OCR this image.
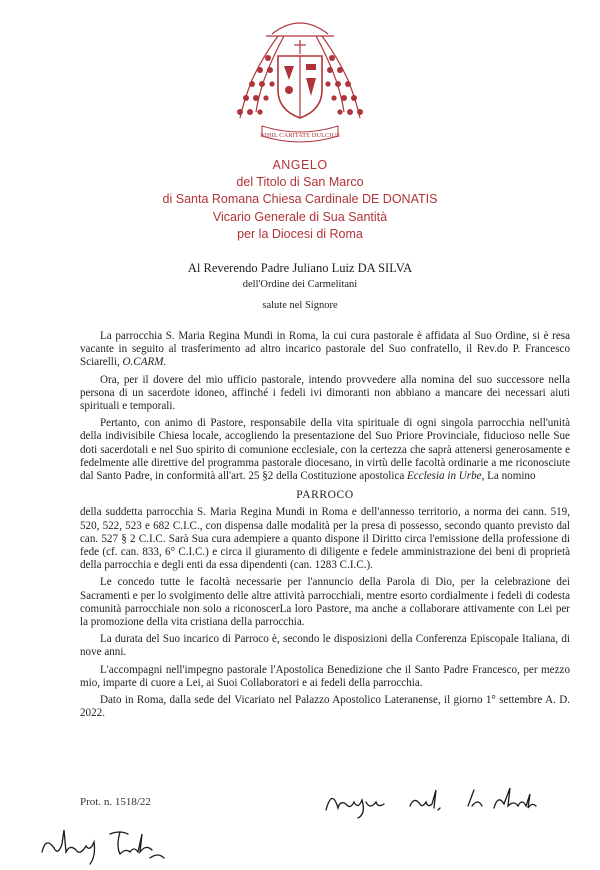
NIHIL CARITATE DULCIUS
ANGELO
del Titolo di San Marco
di Santa Romana Chiesa Cardinale DE DONATIS
Vicario Generale di Sua Santità
per la Diocesi di Roma
Al Reverendo Padre Juliano Luiz DA SILVA
dell'Ordine dei Carmelitani
salute nel Signore

La parrocchia S. Maria Regina Mundi in Roma, la cui cura pastorale è affidata al Suo Ordine, si è resa vacante in seguito al trasferimento ad altro incarico pastorale del Suo confratello, il Rev.do P. Francesco Sciarelli, O.CARM.

Ora, per il dovere del mio ufficio pastorale, intendo provvedere alla nomina del suo successore nella persona di un sacerdote idoneo, affinché i fedeli ivi dimoranti non abbiano a mancare dei necessari aiuti spirituali e temporali.

Pertanto, con animo di Pastore, responsabile della vita spirituale di ogni singola parrocchia nell'unità della indivisibile Chiesa locale, accogliendo la presentazione del Suo Priore Provinciale, fiducioso nelle Sue doti sacerdotali e nel Suo spirito di comunione ecclesiale, con la certezza che saprà attenersi generosamente e fedelmente alle direttive del programma pastorale diocesano, in virtù delle facoltà ordinarie a me riconosciute dal Santo Padre, in conformità all'art. 25 §2 della Costituzione apostolica Ecclesia in Urbe, La nomino

PARROCO

della suddetta parrocchia S. Maria Regina Mundi in Roma e dell'annesso territorio, a norma dei cann. 519, 520, 522, 523 e 682 C.I.C., con dispensa dalle modalità per la presa di possesso, secondo quanto previsto dal can. 527 § 2 C.I.C. Sarà Sua cura adempiere a quanto dispone il Diritto circa l'emissione della professione di fede (cf. can. 833, 6° C.I.C.) e circa il giuramento di diligente e fedele amministrazione dei beni di proprietà della parrocchia e degli enti da essa dipendenti (can. 1283 C.I.C.).

Le concedo tutte le facoltà necessarie per l'annuncio della Parola di Dio, per la celebrazione dei Sacramenti e per lo svolgimento delle altre attività parrocchiali, mentre esorto cordialmente i fedeli di codesta comunità parrocchiale non solo a riconoscerLa loro Pastore, ma anche a collaborare attivamente con Lei per la promozione della vita cristiana della parrocchia.

La durata del Suo incarico di Parroco è, secondo le disposizioni della Conferenza Episcopale Italiana, di nove anni.

L'accompagni nell'impegno pastorale l'Apostolica Benedizione che il Santo Padre Francesco, per mezzo mio, imparte di cuore a Lei, ai Suoi Collaboratori e ai fedeli della parrocchia.

Dato in Roma, dalla sede del Vicariato nel Palazzo Apostolico Lateranense, il giorno 1° settembre A. D. 2022.

Prot. n. 1518/22
